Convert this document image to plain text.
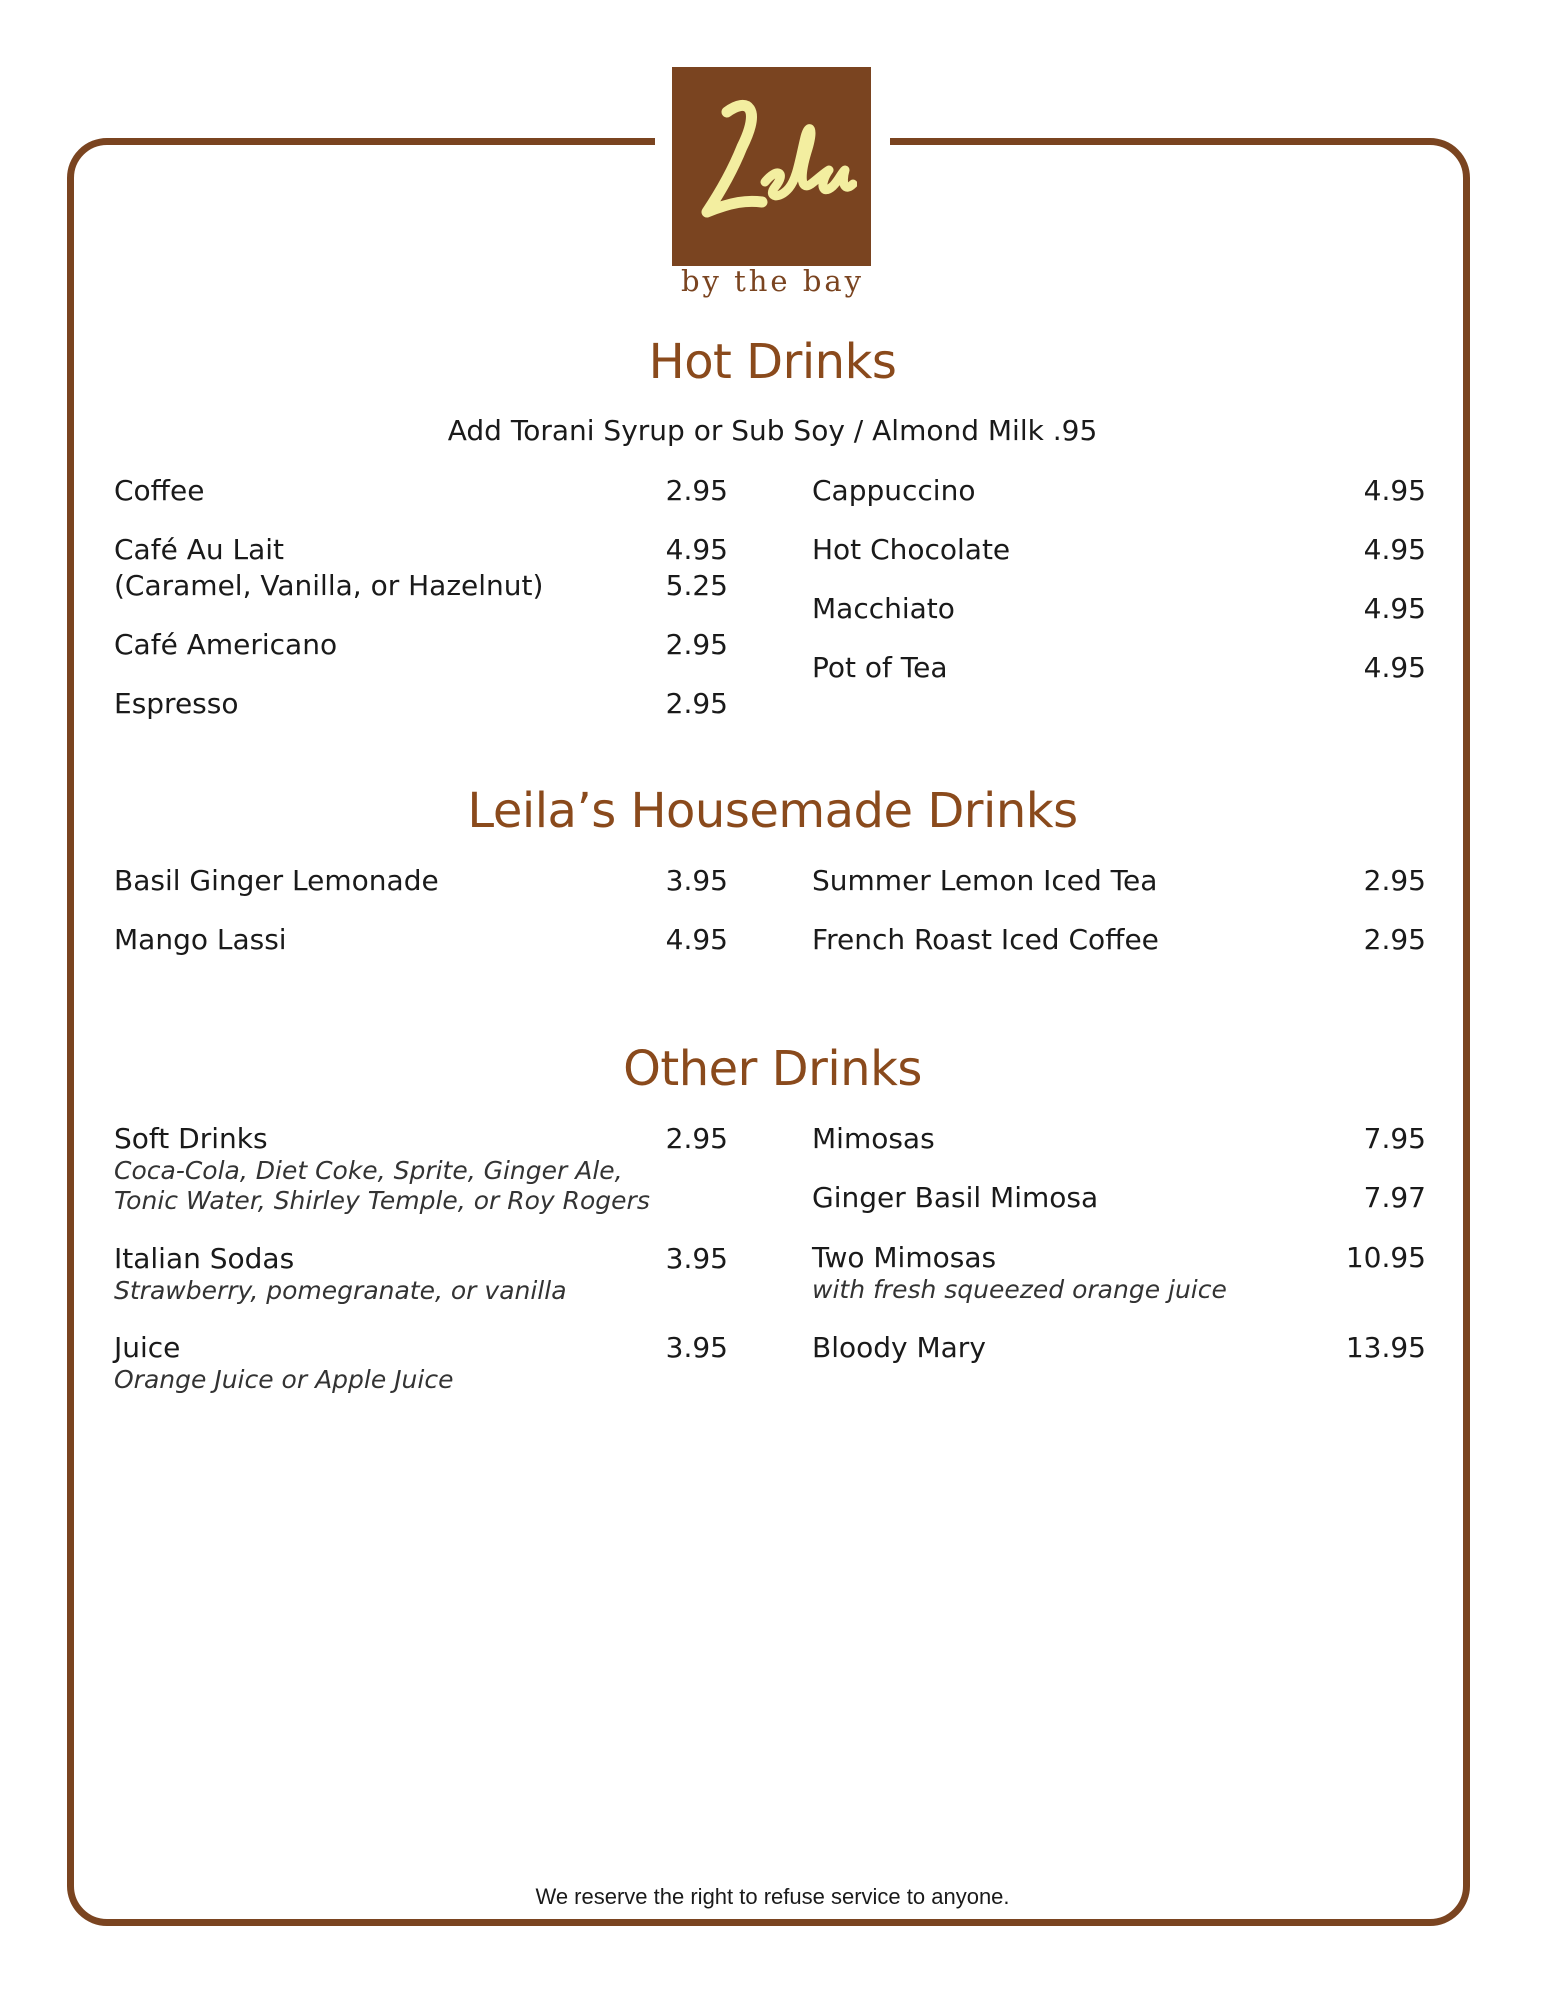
by the bay
Hot Drinks
Add Torani Syrup or Sub Soy / Almond Milk .95
Coffee	2.95
Café Au Lait	4.95
(Caramel, Vanilla, or Hazelnut)	5.25
Café Americano	2.95
Espresso	2.95
Cappuccino	4.95
Hot Chocolate	4.95
Macchiato	4.95
Pot of Tea	4.95
Leila’s Housemade Drinks
Basil Ginger Lemonade	3.95
Mango Lassi	4.95
Summer Lemon Iced Tea	2.95
French Roast Iced Coffee	2.95
Other Drinks
Soft Drinks	2.95
Coca-Cola, Diet Coke, Sprite, Ginger Ale,
Tonic Water, Shirley Temple, or Roy Rogers
Italian Sodas	3.95
Strawberry, pomegranate, or vanilla
Juice	3.95
Orange Juice or Apple Juice
Mimosas	7.95
Ginger Basil Mimosa	7.97
Two Mimosas	10.95
with fresh squeezed orange juice
Bloody Mary	13.95
We reserve the right to refuse service to anyone.
